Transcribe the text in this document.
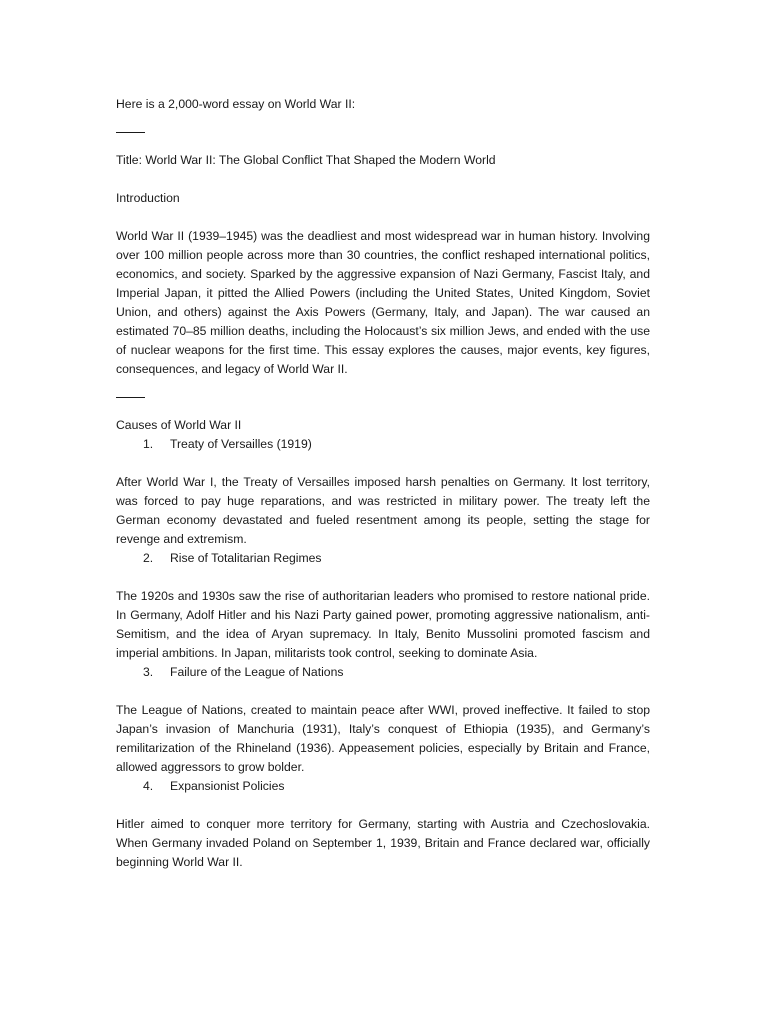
Here is a 2,000-word essay on World War II:

Title: World War II: The Global Conflict That Shaped the Modern World

Introduction

World War II (1939–1945) was the deadliest and most widespread war in human history. Involving over 100 million people across more than 30 countries, the conflict reshaped international politics, economics, and society. Sparked by the aggressive expansion of Nazi Germany, Fascist Italy, and Imperial Japan, it pitted the Allied Powers (including the United States, United Kingdom, Soviet Union, and others) against the Axis Powers (Germany, Italy, and Japan). The war caused an estimated 70–85 million deaths, including the Holocaust’s six million Jews, and ended with the use of nuclear weapons for the first time. This essay explores the causes, major events, key figures, consequences, and legacy of World War II.

Causes of World War II

1.	Treaty of Versailles (1919)

After World War I, the Treaty of Versailles imposed harsh penalties on Germany. It lost territory, was forced to pay huge reparations, and was restricted in military power. The treaty left the German economy devastated and fueled resentment among its people, setting the stage for revenge and extremism.

2.	Rise of Totalitarian Regimes

The 1920s and 1930s saw the rise of authoritarian leaders who promised to restore national pride. In Germany, Adolf Hitler and his Nazi Party gained power, promoting aggressive nationalism, anti-Semitism, and the idea of Aryan supremacy. In Italy, Benito Mussolini promoted fascism and imperial ambitions. In Japan, militarists took control, seeking to dominate Asia.

3.	Failure of the League of Nations

The League of Nations, created to maintain peace after WWI, proved ineffective. It failed to stop Japan’s invasion of Manchuria (1931), Italy’s conquest of Ethiopia (1935), and Germany’s remilitarization of the Rhineland (1936). Appeasement policies, especially by Britain and France, allowed aggressors to grow bolder.

4.	Expansionist Policies

Hitler aimed to conquer more territory for Germany, starting with Austria and Czechoslovakia. When Germany invaded Poland on September 1, 1939, Britain and France declared war, officially beginning World War II.
